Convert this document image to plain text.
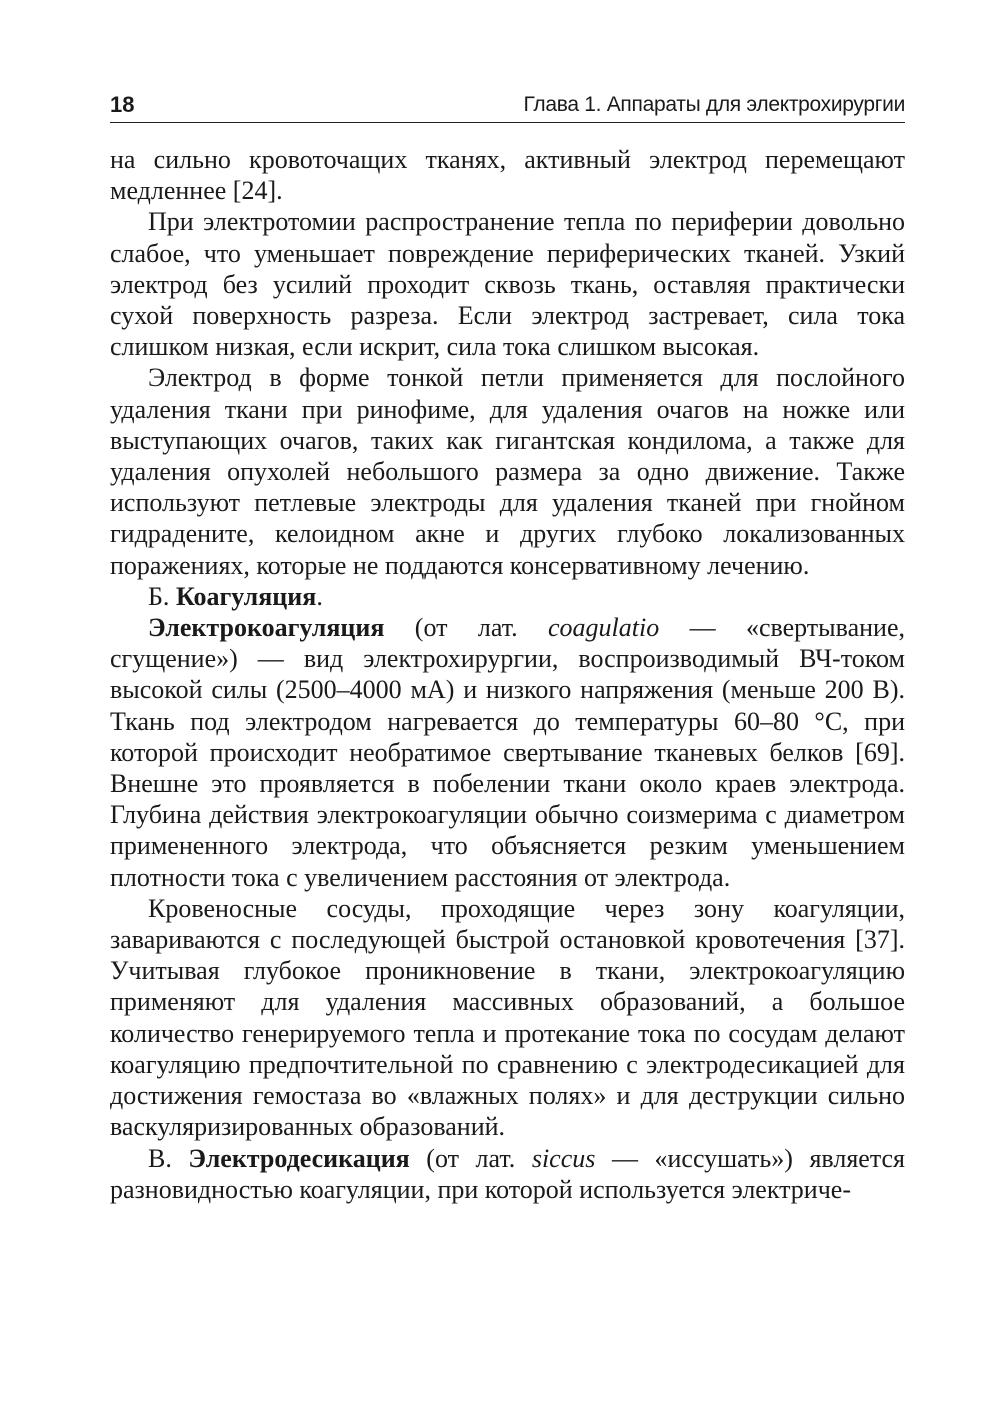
18	Глава 1. Аппараты для электрохирургии

на сильно кровоточащих тканях, активный электрод перемещают медленнее [24].

При электротомии распространение тепла по периферии довольно слабое, что уменьшает повреждение периферических тканей. Узкий электрод без усилий проходит сквозь ткань, оставляя практически сухой поверхность разреза. Если электрод застревает, сила тока слишком низкая, если искрит, сила тока слишком высокая.

Электрод в форме тонкой петли применяется для послойного удаления ткани при ринофиме, для удаления очагов на ножке или выступающих очагов, таких как гигантская кондилома, а также для удаления опухолей небольшого размера за одно движение. Также используют петлевые электроды для удаления тканей при гнойном гидрадените, келоидном акне и других глубоко локализованных поражениях, которые не поддаются консервативному лечению.

Б. Коагуляция.

Электрокоагуляция (от лат. coagulatio — «свертывание, сгущение») — вид электрохирургии, воспроизводимый ВЧ-током высокой силы (2500–4000 мА) и низкого напряжения (меньше 200 В). Ткань под электродом нагревается до температуры 60–80 °С, при которой происходит необратимое свертывание тканевых белков [69]. Внешне это проявляется в побелении ткани около краев электрода. Глубина действия электрокоагуляции обычно соизмерима с диаметром примененного электрода, что объясняется резким уменьшением плотности тока с увеличением расстояния от электрода.

Кровеносные сосуды, проходящие через зону коагуляции, завариваются с последующей быстрой остановкой кровотечения [37]. Учитывая глубокое проникновение в ткани, электрокоагуляцию применяют для удаления массивных образований, а большое количество генерируемого тепла и протекание тока по сосудам делают коагуляцию предпочтительной по сравнению с электродесикацией для достижения гемостаза во «влажных полях» и для деструкции сильно васкуляризированных образований.

В. Электродесикация (от лат. siccus — «иссушать») является разновидностью коагуляции, при которой используется электриче-
